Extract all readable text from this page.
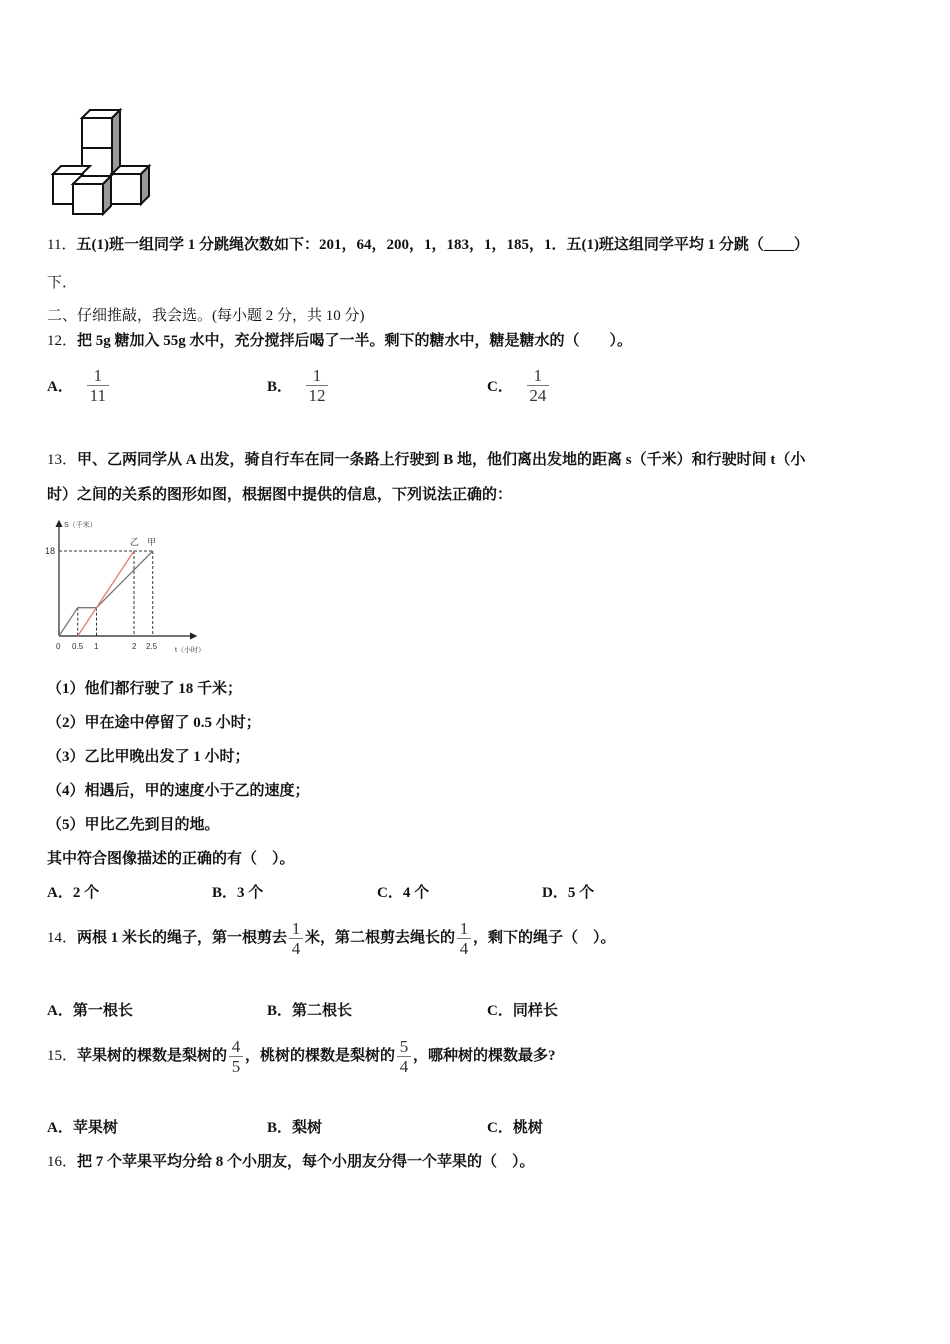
11．五(1)班一组同学 1 分跳绳次数如下：201，64，200，1，183，1，185，1．五(1)班这组同学平均 1 分跳（____）
下．
二、仔细推敲，我会选。(每小题 2 分，共 10 分)
12．把 5g 糖加入 55g 水中，充分搅拌后喝了一半。剩下的糖水中，糖是糖水的（　　）。
A． $\frac{1}{11}$	B． $\frac{1}{12}$	C． $\frac{1}{24}$
13．甲、乙两同学从 A 出发，骑自行车在同一条路上行驶到 B 地，他们离出发地的距离 s（千米）和行驶时间 t（小
时）之间的关系的图形如图，根据图中提供的信息，下列说法正确的：
S（千米）
18
0 0.5 1	2 2.5	t（小时）
乙 甲
（1）他们都行驶了 18 千米；
（2）甲在途中停留了 0.5 小时；
（3）乙比甲晚出发了 1 小时；
（4）相遇后，甲的速度小于乙的速度；
（5）甲比乙先到目的地。
其中符合图像描述的正确的有（　）。
A．2 个	B．3 个	C．4 个	D．5 个
14．两根 1 米长的绳子，第一根剪去 $\frac{1}{4}$ 米，第二根剪去绳长的 $\frac{1}{4}$ ，剩下的绳子（　）。
A．第一根长	B．第二根长	C．同样长
15．苹果树的棵数是梨树的 $\frac{4}{5}$ ，桃树的棵数是梨树的 $\frac{5}{4}$ ，哪种树的棵数最多?
A．苹果树	B．梨树	C．桃树
16．把 7 个苹果平均分给 8 个小朋友，每个小朋友分得一个苹果的（　）。
